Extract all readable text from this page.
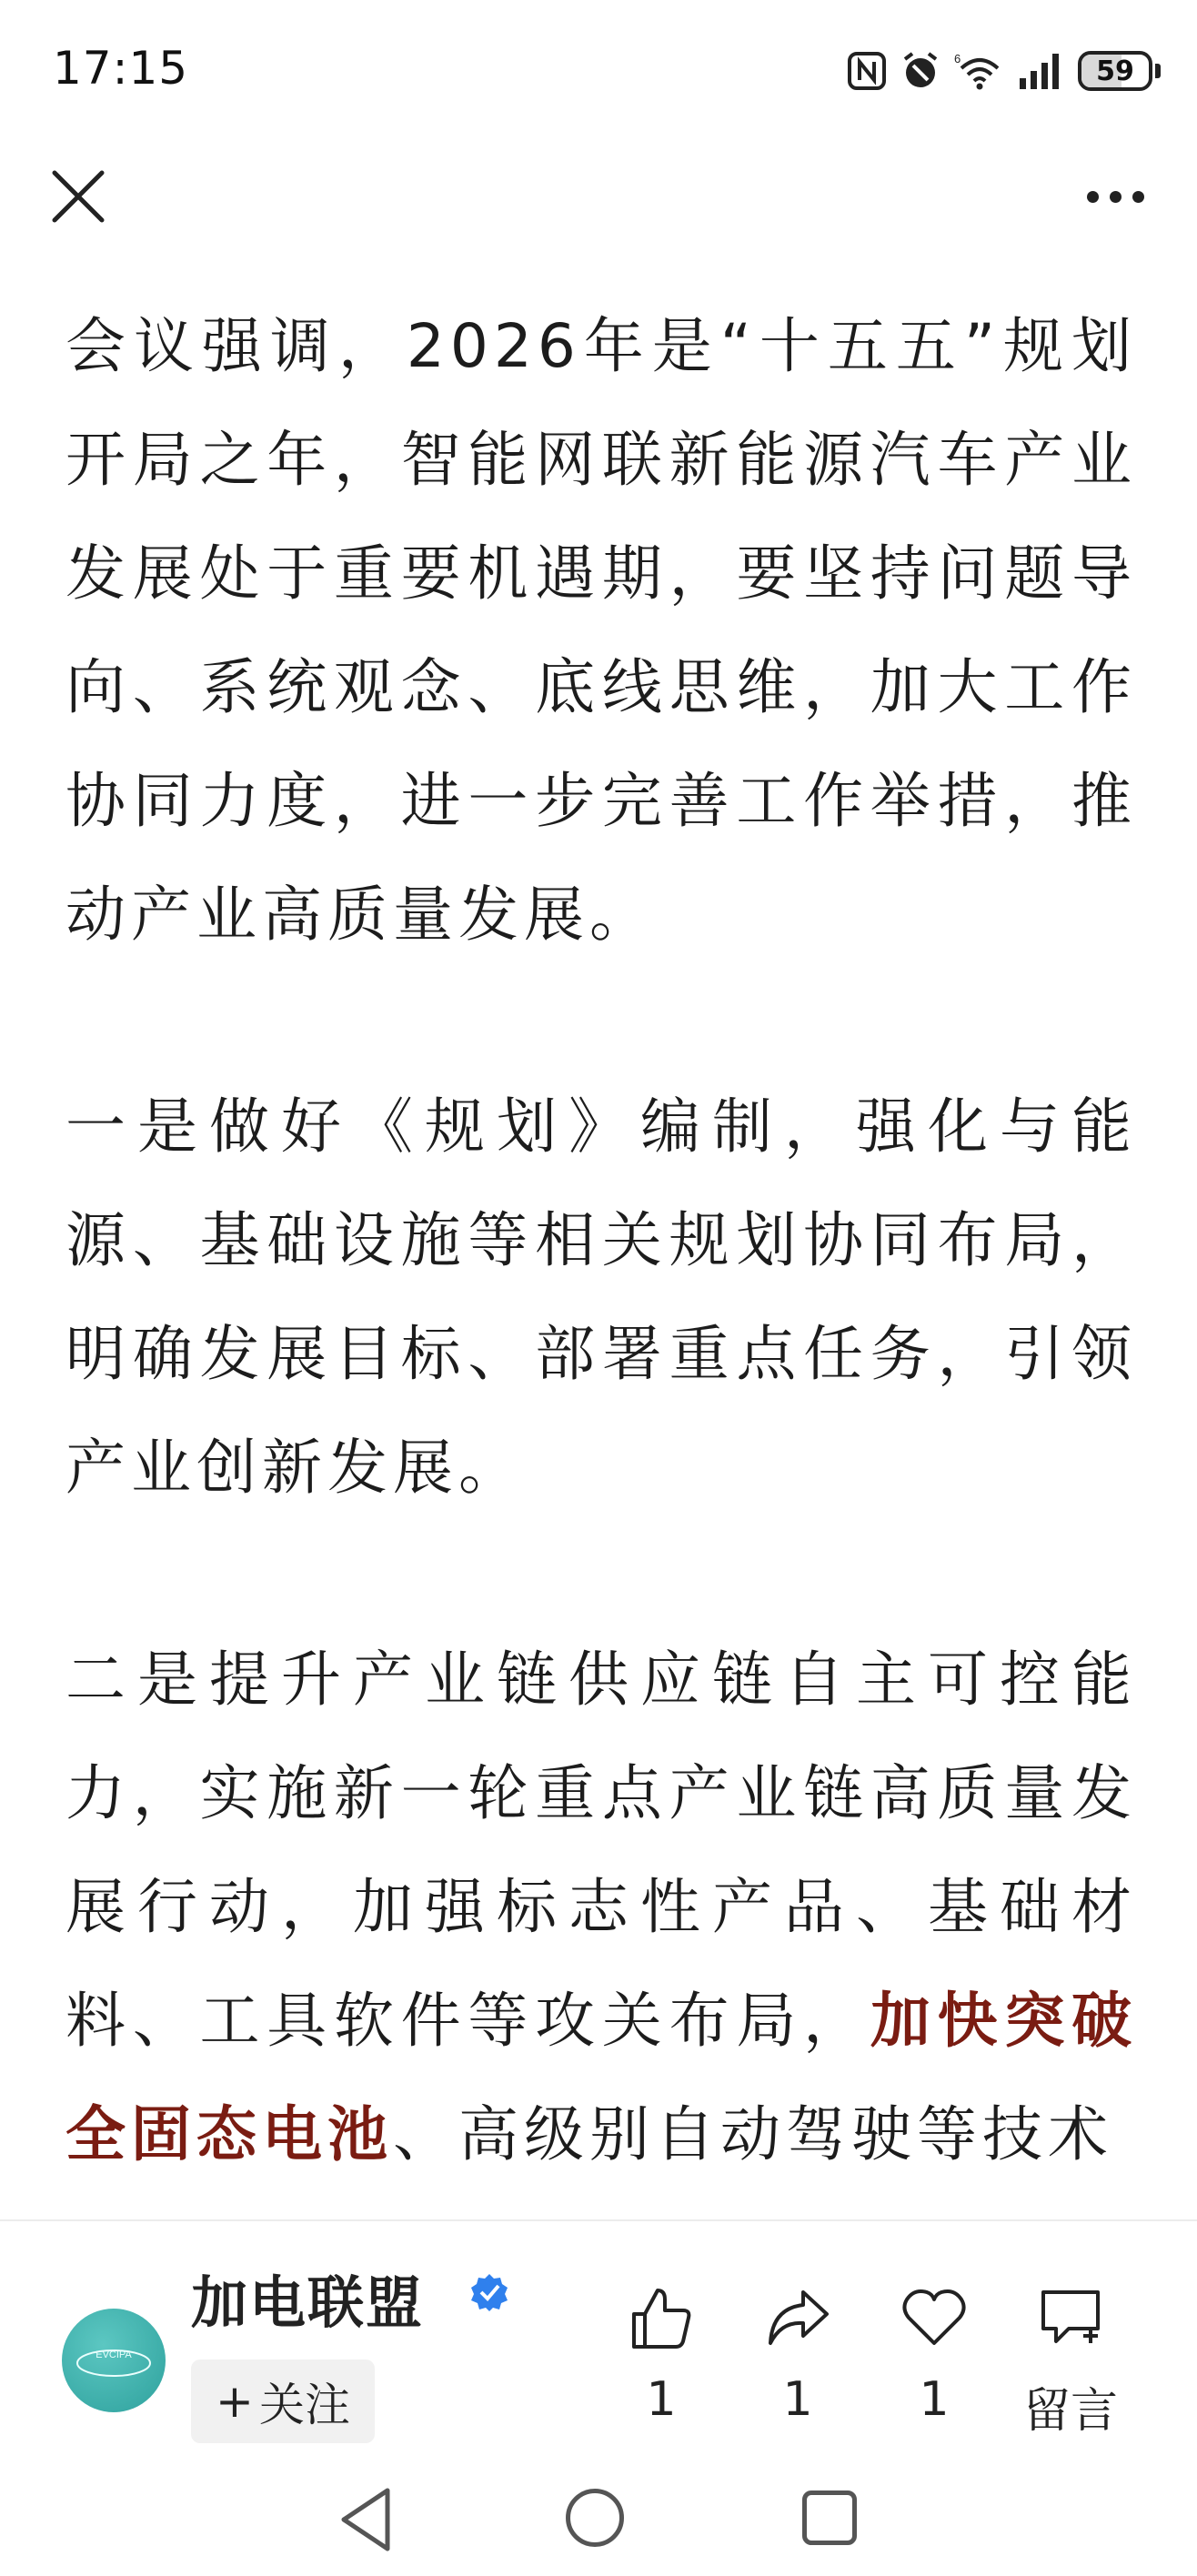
17:15	6	59

会议强调，2026年是“十五五”规划开局之年，智能网联新能源汽车产业发展处于重要机遇期，要坚持问题导向、系统观念、底线思维，加大工作协同力度，进一步完善工作举措，推动产业高质量发展。

一是做好《规划》编制，强化与能源、基础设施等相关规划协同布局，明确发展目标、部署重点任务，引领产业创新发展。

二是提升产业链供应链自主可控能力，实施新一轮重点产业链高质量发展行动，加强标志性产品、基础材料、工具软件等攻关布局，加快突破全固态电池、高级别自动驾驶等技术

EVCIPA
加电联盟
+ 关注	1	1	1	留言
